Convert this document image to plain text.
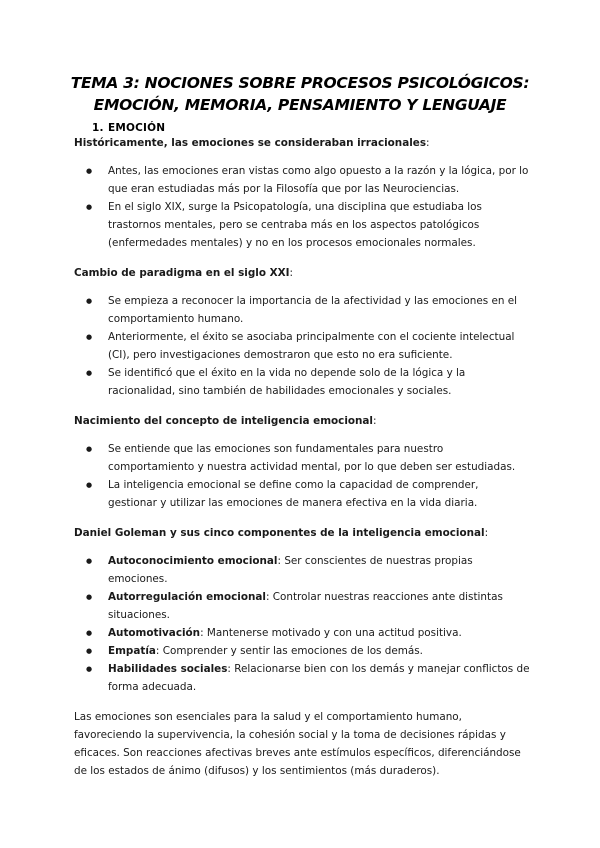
TEMA 3: NOCIONES SOBRE PROCESOS PSICOLÓGICOS: EMOCIÓN, MEMORIA, PENSAMIENTO Y LENGUAJE
1. EMOCIÓN

Históricamente, las emociones se consideraban irracionales:

● Antes, las emociones eran vistas como algo opuesto a la razón y la lógica, por lo que eran estudiadas más por la Filosofía que por las Neurociencias.
● En el siglo XIX, surge la Psicopatología, una disciplina que estudiaba los trastornos mentales, pero se centraba más en los aspectos patológicos (enfermedades mentales) y no en los procesos emocionales normales.

Cambio de paradigma en el siglo XXI:

● Se empieza a reconocer la importancia de la afectividad y las emociones en el comportamiento humano.
● Anteriormente, el éxito se asociaba principalmente con el cociente intelectual (CI), pero investigaciones demostraron que esto no era suficiente.
● Se identificó que el éxito en la vida no depende solo de la lógica y la racionalidad, sino también de habilidades emocionales y sociales.

Nacimiento del concepto de inteligencia emocional:

● Se entiende que las emociones son fundamentales para nuestro comportamiento y nuestra actividad mental, por lo que deben ser estudiadas.
● La inteligencia emocional se define como la capacidad de comprender, gestionar y utilizar las emociones de manera efectiva en la vida diaria.

Daniel Goleman y sus cinco componentes de la inteligencia emocional:

● Autoconocimiento emocional: Ser conscientes de nuestras propias emociones.
● Autorregulación emocional: Controlar nuestras reacciones ante distintas situaciones.
● Automotivación: Mantenerse motivado y con una actitud positiva.
● Empatía: Comprender y sentir las emociones de los demás.
● Habilidades sociales: Relacionarse bien con los demás y manejar conflictos de forma adecuada.

Las emociones son esenciales para la salud y el comportamiento humano, favoreciendo la supervivencia, la cohesión social y la toma de decisiones rápidas y eficaces. Son reacciones afectivas breves ante estímulos específicos, diferenciándose de los estados de ánimo (difusos) y los sentimientos (más duraderos).
